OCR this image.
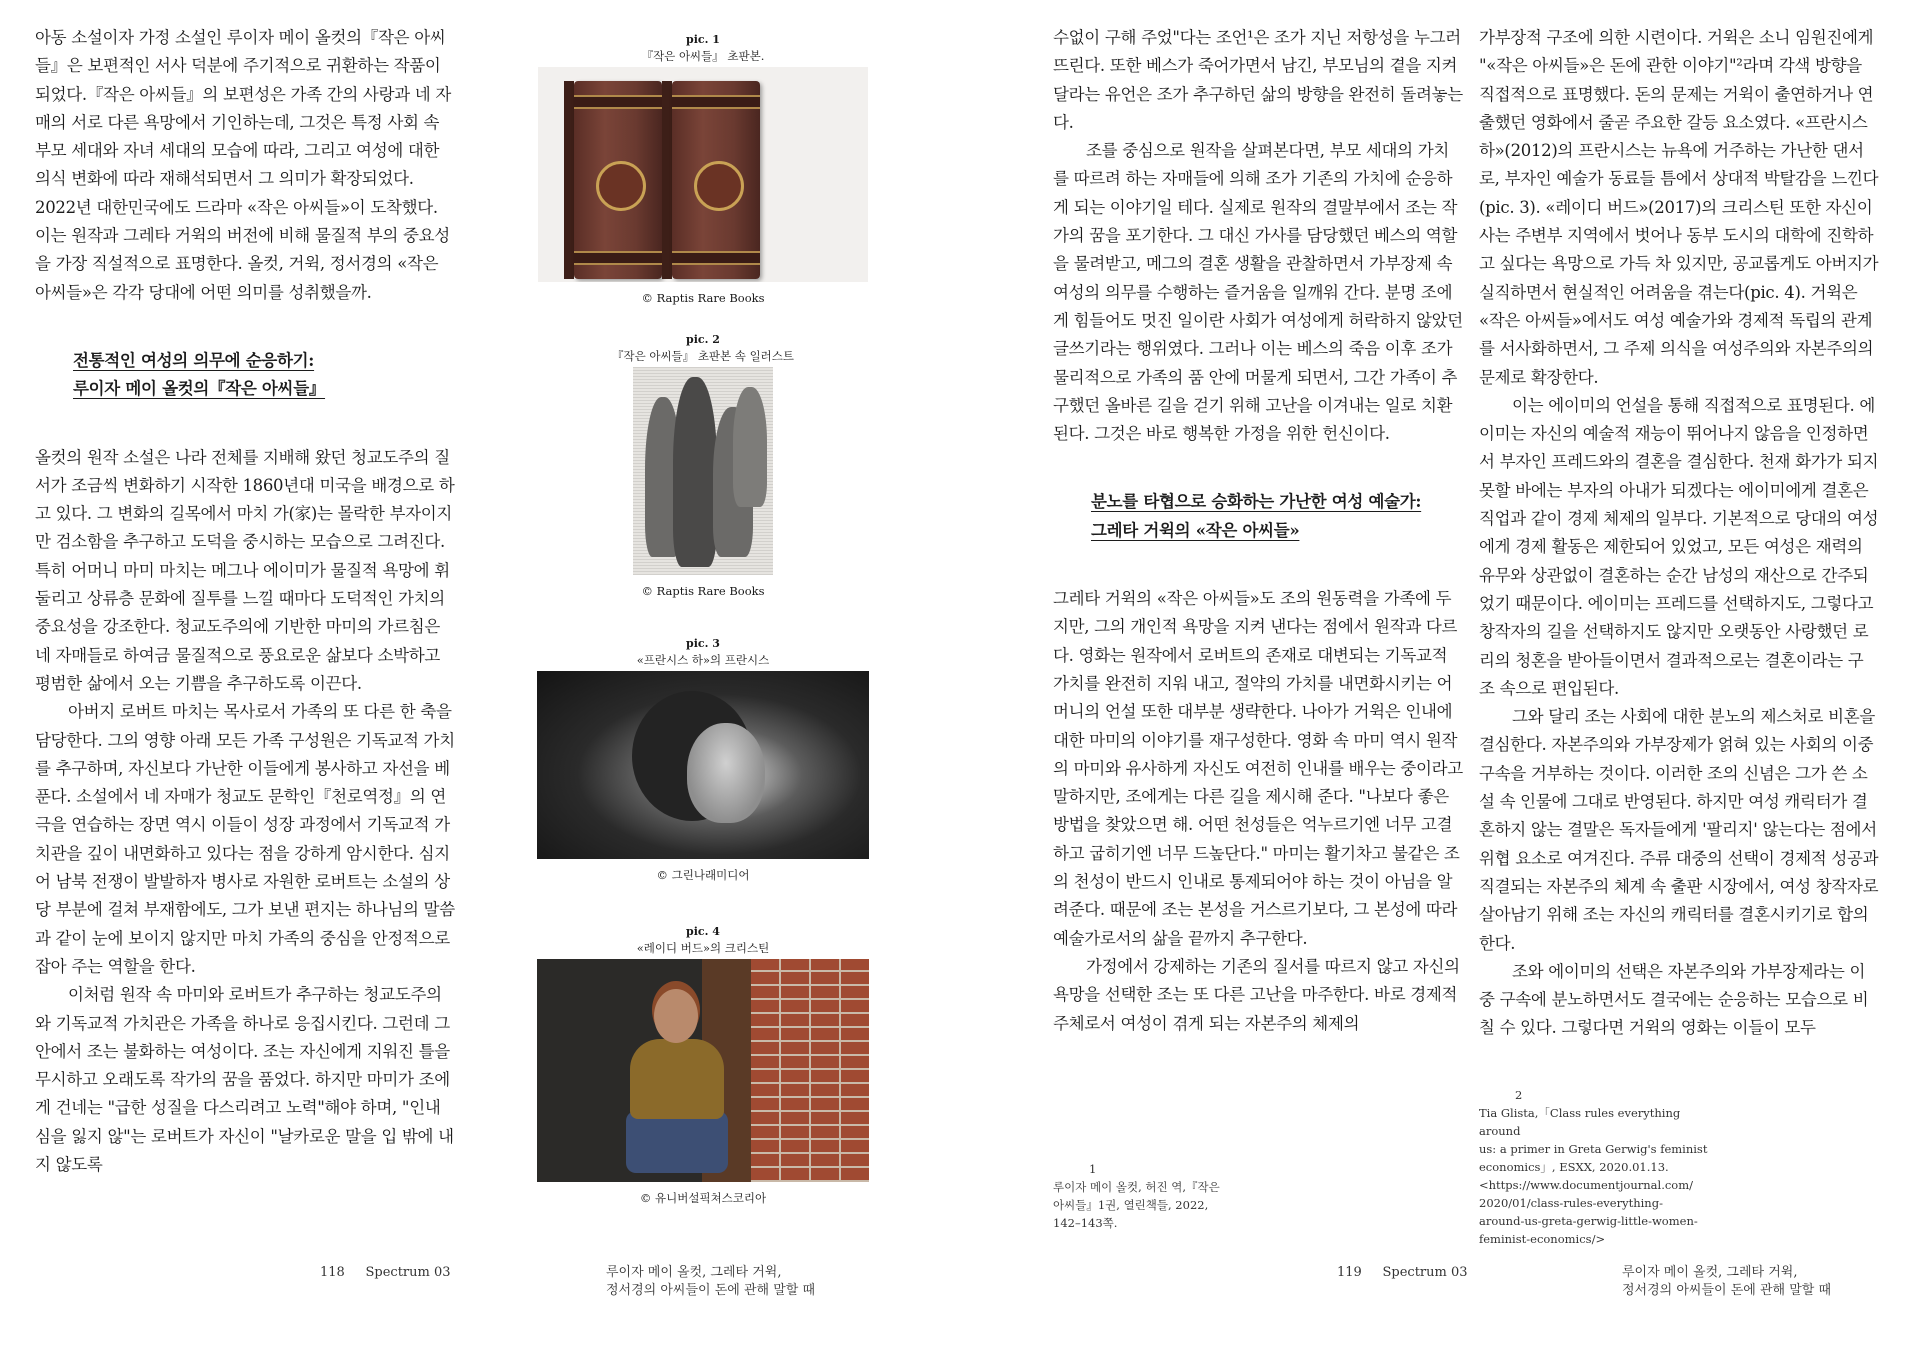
아동 소설이자 가정 소설인 루이자 메이 올컷의『작은 아씨들』은 보편적인 서사 덕분에 주기적으로 귀환하는 작품이 되었다.『작은 아씨들』의 보편성은 가족 간의 사랑과 네 자매의 서로 다른 욕망에서 기인하는데, 그것은 특정 사회 속 부모 세대와 자녀 세대의 모습에 따라, 그리고 여성에 대한 의식 변화에 따라 재해석되면서 그 의미가 확장되었다. 2022년 대한민국에도 드라마 «작은 아씨들»이 도착했다. 이는 원작과 그레타 거윅의 버전에 비해 물질적 부의 중요성을 가장 직설적으로 표명한다. 올컷, 거윅, 정서경의 «작은 아씨들»은 각각 당대에 어떤 의미를 성취했을까.

전통적인 여성의 의무에 순응하기:
루이자 메이 올컷의『작은 아씨들』

올컷의 원작 소설은 나라 전체를 지배해 왔던 청교도주의 질서가 조금씩 변화하기 시작한 1860년대 미국을 배경으로 하고 있다. 그 변화의 길목에서 마치 가(家)는 몰락한 부자이지만 검소함을 추구하고 도덕을 중시하는 모습으로 그려진다. 특히 어머니 마미 마치는 메그나 에이미가 물질적 욕망에 휘둘리고 상류층 문화에 질투를 느낄 때마다 도덕적인 가치의 중요성을 강조한다. 청교도주의에 기반한 마미의 가르침은 네 자매들로 하여금 물질적으로 풍요로운 삶보다 소박하고 평범한 삶에서 오는 기쁨을 추구하도록 이끈다.

아버지 로버트 마치는 목사로서 가족의 또 다른 한 축을 담당한다. 그의 영향 아래 모든 가족 구성원은 기독교적 가치를 추구하며, 자신보다 가난한 이들에게 봉사하고 자선을 베푼다. 소설에서 네 자매가 청교도 문학인『천로역정』의 연극을 연습하는 장면 역시 이들이 성장 과정에서 기독교적 가치관을 깊이 내면화하고 있다는 점을 강하게 암시한다. 심지어 남북 전쟁이 발발하자 병사로 자원한 로버트는 소설의 상당 부분에 걸쳐 부재함에도, 그가 보낸 편지는 하나님의 말씀과 같이 눈에 보이지 않지만 마치 가족의 중심을 안정적으로 잡아 주는 역할을 한다.

이처럼 원작 속 마미와 로버트가 추구하는 청교도주의와 기독교적 가치관은 가족을 하나로 응집시킨다. 그런데 그 안에서 조는 불화하는 여성이다. 조는 자신에게 지워진 틀을 무시하고 오래도록 작가의 꿈을 품었다. 하지만 마미가 조에게 건네는 "급한 성질을 다스리려고 노력"해야 하며, "인내심을 잃지 않"는 로버트가 자신이 "날카로운 말을 입 밖에 내지 않도록

pic. 1
『작은 아씨들』 초판본.
© Raptis Rare Books
pic. 2
『작은 아씨들』 초판본 속 일러스트
© Raptis Rare Books
pic. 3
«프란시스 하»의 프란시스
© 그린나래미디어
pic. 4
«레이디 버드»의 크리스틴
© 유니버설픽쳐스코리아

수없이 구해 주었"다는 조언¹은 조가 지닌 저항성을 누그러뜨린다. 또한 베스가 죽어가면서 남긴, 부모님의 곁을 지켜 달라는 유언은 조가 추구하던 삶의 방향을 완전히 돌려놓는다.

조를 중심으로 원작을 살펴본다면, 부모 세대의 가치를 따르려 하는 자매들에 의해 조가 기존의 가치에 순응하게 되는 이야기일 테다. 실제로 원작의 결말부에서 조는 작가의 꿈을 포기한다. 그 대신 가사를 담당했던 베스의 역할을 물려받고, 메그의 결혼 생활을 관찰하면서 가부장제 속 여성의 의무를 수행하는 즐거움을 일깨워 간다. 분명 조에게 힘들어도 멋진 일이란 사회가 여성에게 허락하지 않았던 글쓰기라는 행위였다. 그러나 이는 베스의 죽음 이후 조가 물리적으로 가족의 품 안에 머물게 되면서, 그간 가족이 추구했던 올바른 길을 걷기 위해 고난을 이겨내는 일로 치환된다. 그것은 바로 행복한 가정을 위한 헌신이다.

분노를 타협으로 승화하는 가난한 여성 예술가:
그레타 거윅의 «작은 아씨들»

그레타 거윅의 «작은 아씨들»도 조의 원동력을 가족에 두지만, 그의 개인적 욕망을 지켜 낸다는 점에서 원작과 다르다. 영화는 원작에서 로버트의 존재로 대변되는 기독교적 가치를 완전히 지워 내고, 절약의 가치를 내면화시키는 어머니의 언설 또한 대부분 생략한다. 나아가 거윅은 인내에 대한 마미의 이야기를 재구성한다. 영화 속 마미 역시 원작의 마미와 유사하게 자신도 여전히 인내를 배우는 중이라고 말하지만, 조에게는 다른 길을 제시해 준다. "나보다 좋은 방법을 찾았으면 해. 어떤 천성들은 억누르기엔 너무 고결하고 굽히기엔 너무 드높단다." 마미는 활기차고 불같은 조의 천성이 반드시 인내로 통제되어야 하는 것이 아님을 알려준다. 때문에 조는 본성을 거스르기보다, 그 본성에 따라 예술가로서의 삶을 끝까지 추구한다.

가정에서 강제하는 기존의 질서를 따르지 않고 자신의 욕망을 선택한 조는 또 다른 고난을 마주한다. 바로 경제적 주체로서 여성이 겪게 되는 자본주의 체제의

가부장적 구조에 의한 시련이다. 거윅은 소니 임원진에게 "«작은 아씨들»은 돈에 관한 이야기"²라며 각색 방향을 직접적으로 표명했다. 돈의 문제는 거윅이 출연하거나 연출했던 영화에서 줄곧 주요한 갈등 요소였다. «프란시스 하»(2012)의 프란시스는 뉴욕에 거주하는 가난한 댄서로, 부자인 예술가 동료들 틈에서 상대적 박탈감을 느낀다(pic. 3). «레이디 버드»(2017)의 크리스틴 또한 자신이 사는 주변부 지역에서 벗어나 동부 도시의 대학에 진학하고 싶다는 욕망으로 가득 차 있지만, 공교롭게도 아버지가 실직하면서 현실적인 어려움을 겪는다(pic. 4). 거윅은 «작은 아씨들»에서도 여성 예술가와 경제적 독립의 관계를 서사화하면서, 그 주제 의식을 여성주의와 자본주의의 문제로 확장한다.

이는 에이미의 언설을 통해 직접적으로 표명된다. 에이미는 자신의 예술적 재능이 뛰어나지 않음을 인정하면서 부자인 프레드와의 결혼을 결심한다. 천재 화가가 되지 못할 바에는 부자의 아내가 되겠다는 에이미에게 결혼은 직업과 같이 경제 체제의 일부다. 기본적으로 당대의 여성에게 경제 활동은 제한되어 있었고, 모든 여성은 재력의 유무와 상관없이 결혼하는 순간 남성의 재산으로 간주되었기 때문이다. 에이미는 프레드를 선택하지도, 그렇다고 창작자의 길을 선택하지도 않지만 오랫동안 사랑했던 로리의 청혼을 받아들이면서 결과적으로는 결혼이라는 구조 속으로 편입된다.

그와 달리 조는 사회에 대한 분노의 제스처로 비혼을 결심한다. 자본주의와 가부장제가 얽혀 있는 사회의 이중 구속을 거부하는 것이다. 이러한 조의 신념은 그가 쓴 소설 속 인물에 그대로 반영된다. 하지만 여성 캐릭터가 결혼하지 않는 결말은 독자들에게 '팔리지' 않는다는 점에서 위협 요소로 여겨진다. 주류 대중의 선택이 경제적 성공과 직결되는 자본주의 체계 속 출판 시장에서, 여성 창작자로 살아남기 위해 조는 자신의 캐릭터를 결혼시키기로 합의한다.

조와 에이미의 선택은 자본주의와 가부장제라는 이중 구속에 분노하면서도 결국에는 순응하는 모습으로 비칠 수 있다. 그렇다면 거윅의 영화는 이들이 모두

1
루이자 메이 올컷, 허진 역,『작은
아씨들』1권, 열린책들, 2022,
142–143쪽.
2
Tia Glista,「Class rules everything around
us: a primer in Greta Gerwig's feminist
economics」, ESXX, 2020.01.13.
<https://www.documentjournal.com/
2020/01/class-rules-everything-
around-us-greta-gerwig-little-women-
feminist-economics/>
118 Spectrum 03	루이자 메이 올컷, 그레타 거윅,
정서경의 아씨들이 돈에 관해 말할 때
119 Spectrum 03	루이자 메이 올컷, 그레타 거윅,
정서경의 아씨들이 돈에 관해 말할 때
